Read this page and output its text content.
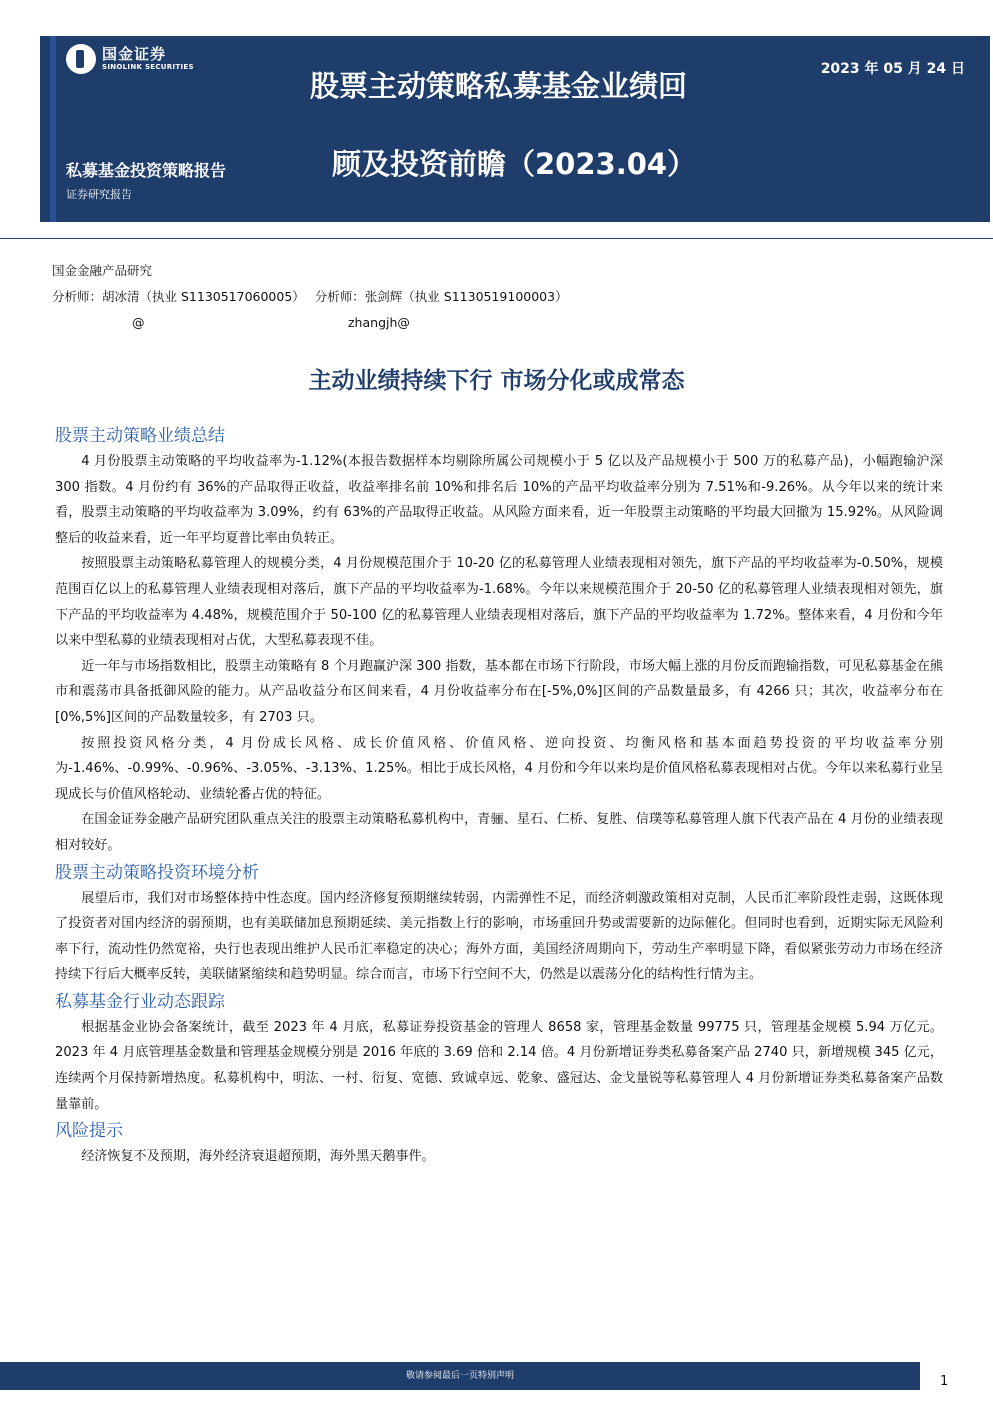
国金证券
SINOLINK SECURITIES	2023 年 05 月 24 日
股票主动策略私募基金业绩回
顾及投资前瞻（2023.04）
私募基金投资策略报告
证券研究报告
国金金融产品研究
分析师：胡冰清（执业 S1130517060005） 分析师：张剑辉（执业 S1130519100003）
@	zhangjh@
主动业绩持续下行 市场分化或成常态
股票主动策略业绩总结

4 月份股票主动策略的平均收益率为-1.12%(本报告数据样本均剔除所属公司规模小于 5 亿以及产品规模小于 500 万的私募产品)，小幅跑输沪深 300 指数。4 月份约有 36%的产品取得正收益，收益率排名前 10%和排名后 10%的产品平均收益率分别为 7.51%和-9.26%。从今年以来的统计来看，股票主动策略的平均收益率为 3.09%，约有 63%的产品取得正收益。从风险方面来看，近一年股票主动策略的平均最大回撤为 15.92%。从风险调整后的收益来看，近一年平均夏普比率由负转正。

按照股票主动策略私募管理人的规模分类，4 月份规模范围介于 10-20 亿的私募管理人业绩表现相对领先，旗下产品的平均收益率为-0.50%，规模范围百亿以上的私募管理人业绩表现相对落后，旗下产品的平均收益率为-1.68%。今年以来规模范围介于 20-50 亿的私募管理人业绩表现相对领先，旗下产品的平均收益率为 4.48%，规模范围介于 50-100 亿的私募管理人业绩表现相对落后，旗下产品的平均收益率为 1.72%。整体来看，4 月份和今年以来中型私募的业绩表现相对占优，大型私募表现不佳。

近一年与市场指数相比，股票主动策略有 8 个月跑赢沪深 300 指数，基本都在市场下行阶段，市场大幅上涨的月份反而跑输指数，可见私募基金在熊市和震荡市具备抵御风险的能力。从产品收益分布区间来看，4 月份收益率分布在[-5%,0%]区间的产品数量最多，有 4266 只；其次，收益率分布在[0%,5%]区间的产品数量较多，有 2703 只。

按照投资风格分类，4 月份成长风格、成长价值风格、价值风格、逆向投资、均衡风格和基本面趋势投资的平均收益率分别为-1.46%、-0.99%、-0.96%、-3.05%、-3.13%、1.25%。相比于成长风格，4 月份和今年以来均是价值风格私募表现相对占优。今年以来私募行业呈现成长与价值风格轮动、业绩轮番占优的特征。

在国金证券金融产品研究团队重点关注的股票主动策略私募机构中，青骊、星石、仁桥、复胜、信璞等私募管理人旗下代表产品在 4 月份的业绩表现相对较好。

股票主动策略投资环境分析

展望后市，我们对市场整体持中性态度。国内经济修复预期继续转弱，内需弹性不足，而经济刺激政策相对克制，人民币汇率阶段性走弱，这既体现了投资者对国内经济的弱预期，也有美联储加息预期延续、美元指数上行的影响，市场重回升势或需要新的边际催化。但同时也看到，近期实际无风险利率下行，流动性仍然宽裕，央行也表现出维护人民币汇率稳定的决心；海外方面，美国经济周期向下，劳动生产率明显下降，看似紧张劳动力市场在经济持续下行后大概率反转，美联储紧缩续和趋势明显。综合而言，市场下行空间不大，仍然是以震荡分化的结构性行情为主。

私募基金行业动态跟踪

根据基金业协会备案统计，截至 2023 年 4 月底，私募证券投资基金的管理人 8658 家，管理基金数量 99775 只，管理基金规模 5.94 万亿元。2023 年 4 月底管理基金数量和管理基金规模分别是 2016 年底的 3.69 倍和 2.14 倍。4 月份新增证券类私募备案产品 2740 只，新增规模 345 亿元，连续两个月保持新增热度。私募机构中，明汯、一村、衍复、宽德、致诚卓远、乾象、盛冠达、金戈量锐等私募管理人 4 月份新增证券类私募备案产品数量靠前。

风险提示

经济恢复不及预期，海外经济衰退超预期，海外黑天鹅事件。

敬请参阅最后一页特别声明	1
